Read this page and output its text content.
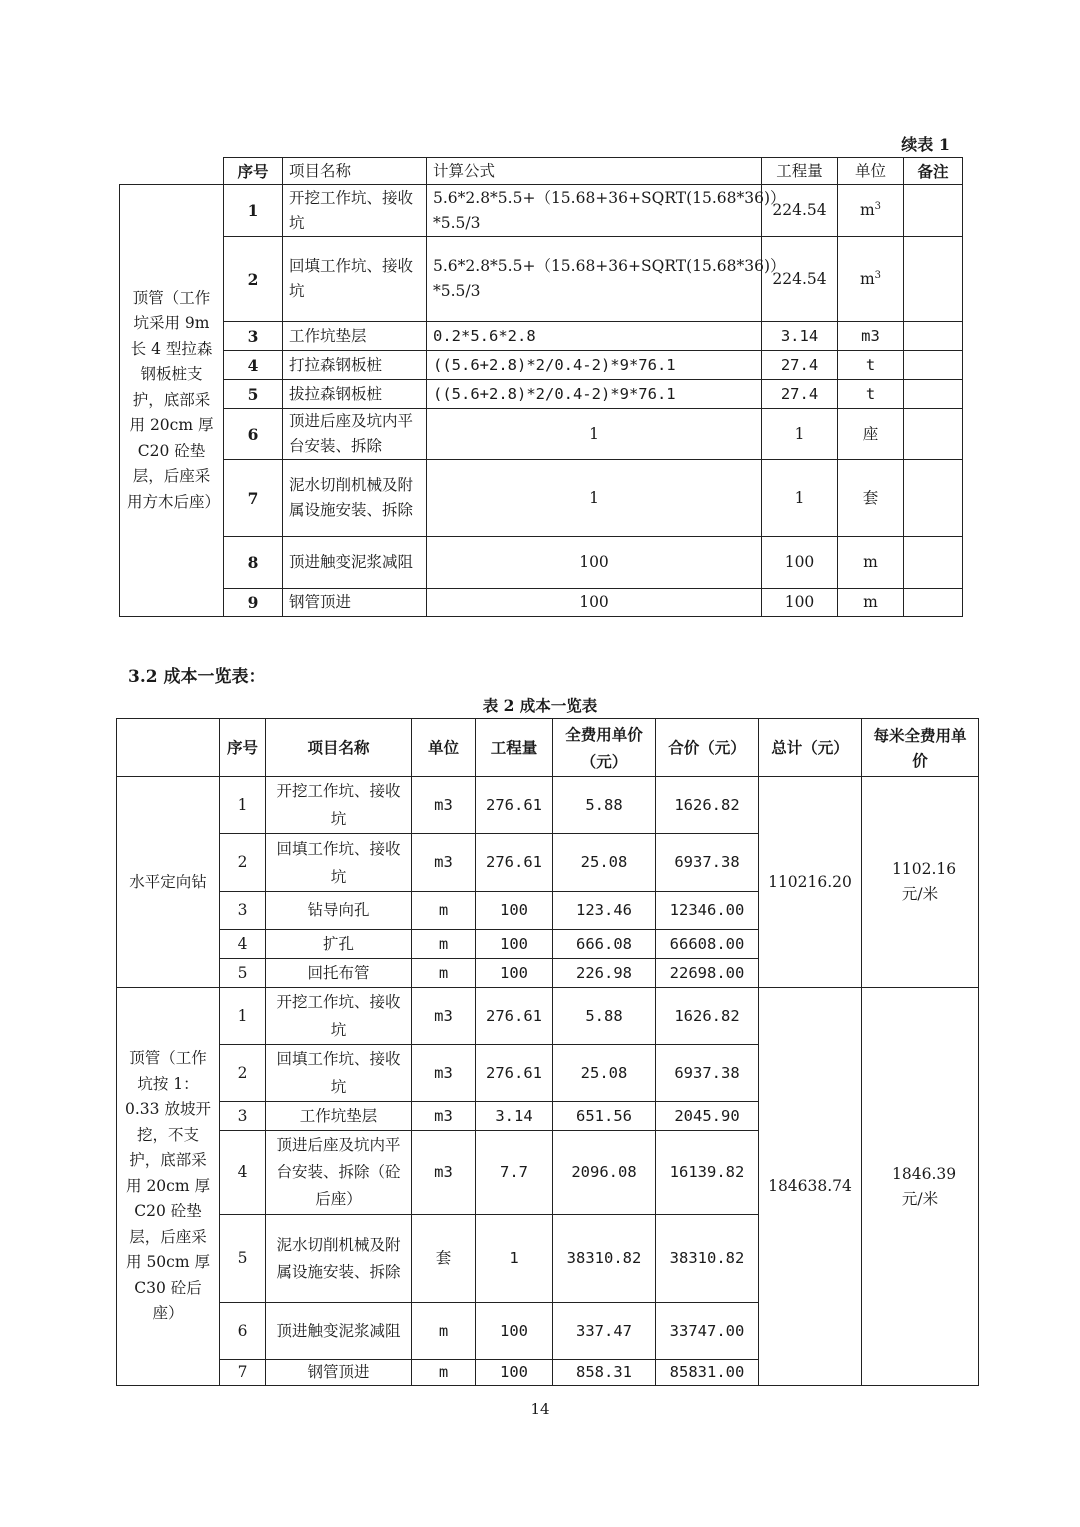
续表 1
	序号	项目名称	计算公式	工程量	单位	备注
顶管（工作坑采用 9m 长 4 型拉森钢板桩支护，底部采用 20cm 厚 C20 砼垫层，后座采用方木后座）	1	开挖工作坑、接收坑	5.6*2.8*5.5+（15.68+36+SQRT(15.68*36)）*5.5/3	224.54	$m^3$	
	2	回填工作坑、接收坑	5.6*2.8*5.5+（15.68+36+SQRT(15.68*36)）*5.5/3	224.54	$m^3$	
	3	工作坑垫层	0.2*5.6*2.8	3.14	m3	
	4	打拉森钢板桩	((5.6+2.8)*2/0.4-2)*9*76.1	27.4	t	
	5	拔拉森钢板桩	((5.6+2.8)*2/0.4-2)*9*76.1	27.4	t	
	6	顶进后座及坑内平台安装、拆除	1	1	座	
	7	泥水切削机械及附属设施安装、拆除	1	1	套	
	8	顶进触变泥浆减阻	100	100	m	
	9	钢管顶进	100	100	m	
3.2 成本一览表：
表 2 成本一览表
	序号	项目名称	单位	工程量	全费用单价（元）	合价（元）	总计（元）	每米全费用单价
水平定向钻	1	开挖工作坑、接收坑	m3	276.61	5.88	1626.82	110216.20	1102.16 元/米
	2	回填工作坑、接收坑	m3	276.61	25.08	6937.38		
	3	钻导向孔	m	100	123.46	12346.00		
	4	扩孔	m	100	666.08	66608.00		
	5	回托布管	m	100	226.98	22698.00		
顶管（工作坑按 1：0.33 放坡开挖，不支护，底部采用 20cm 厚 C20 砼垫层，后座采用 50cm 厚 C30 砼后座）	1	开挖工作坑、接收坑	m3	276.61	5.88	1626.82	184638.74	1846.39 元/米
	2	回填工作坑、接收坑	m3	276.61	25.08	6937.38		
	3	工作坑垫层	m3	3.14	651.56	2045.90		
	4	顶进后座及坑内平台安装、拆除（砼后座）	m3	7.7	2096.08	16139.82		
	5	泥水切削机械及附属设施安装、拆除	套	1	38310.82	38310.82		
	6	顶进触变泥浆减阻	m	100	337.47	33747.00		
	7	钢管顶进	m	100	858.31	85831.00		
14
